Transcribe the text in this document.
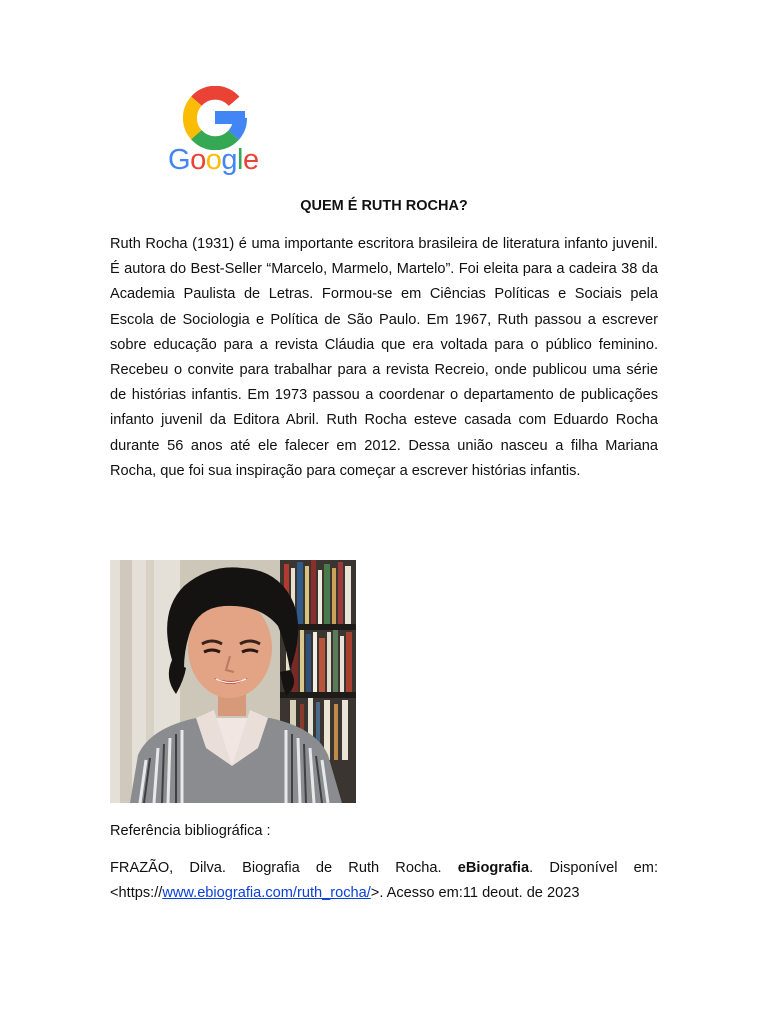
Google
QUEM É RUTH ROCHA?

Ruth Rocha (1931) é uma importante escritora brasileira de literatura infanto juvenil. É autora do Best-Seller “Marcelo, Marmelo, Martelo”. Foi eleita para a cadeira 38 da Academia Paulista de Letras. Formou-se em Ciências Políticas e Sociais pela Escola de Sociologia e Política de São Paulo. Em 1967, Ruth passou a escrever sobre educação para a revista Cláudia que era voltada para o público feminino. Recebeu o convite para trabalhar para a revista Recreio, onde publicou uma série de histórias infantis. Em 1973 passou a coordenar o departamento de publicações infanto juvenil da Editora Abril. Ruth Rocha esteve casada com Eduardo Rocha durante 56 anos até ele falecer em 2012. Dessa união nasceu a filha Mariana Rocha, que foi sua inspiração para começar a escrever histórias infantis.

Referência bibliográfica :

FRAZÃO, Dilva. Biografia de Ruth Rocha. eBiografia. Disponível em: <https://www.ebiografia.com/ruth_rocha/>. Acesso em:11 deout. de 2023
